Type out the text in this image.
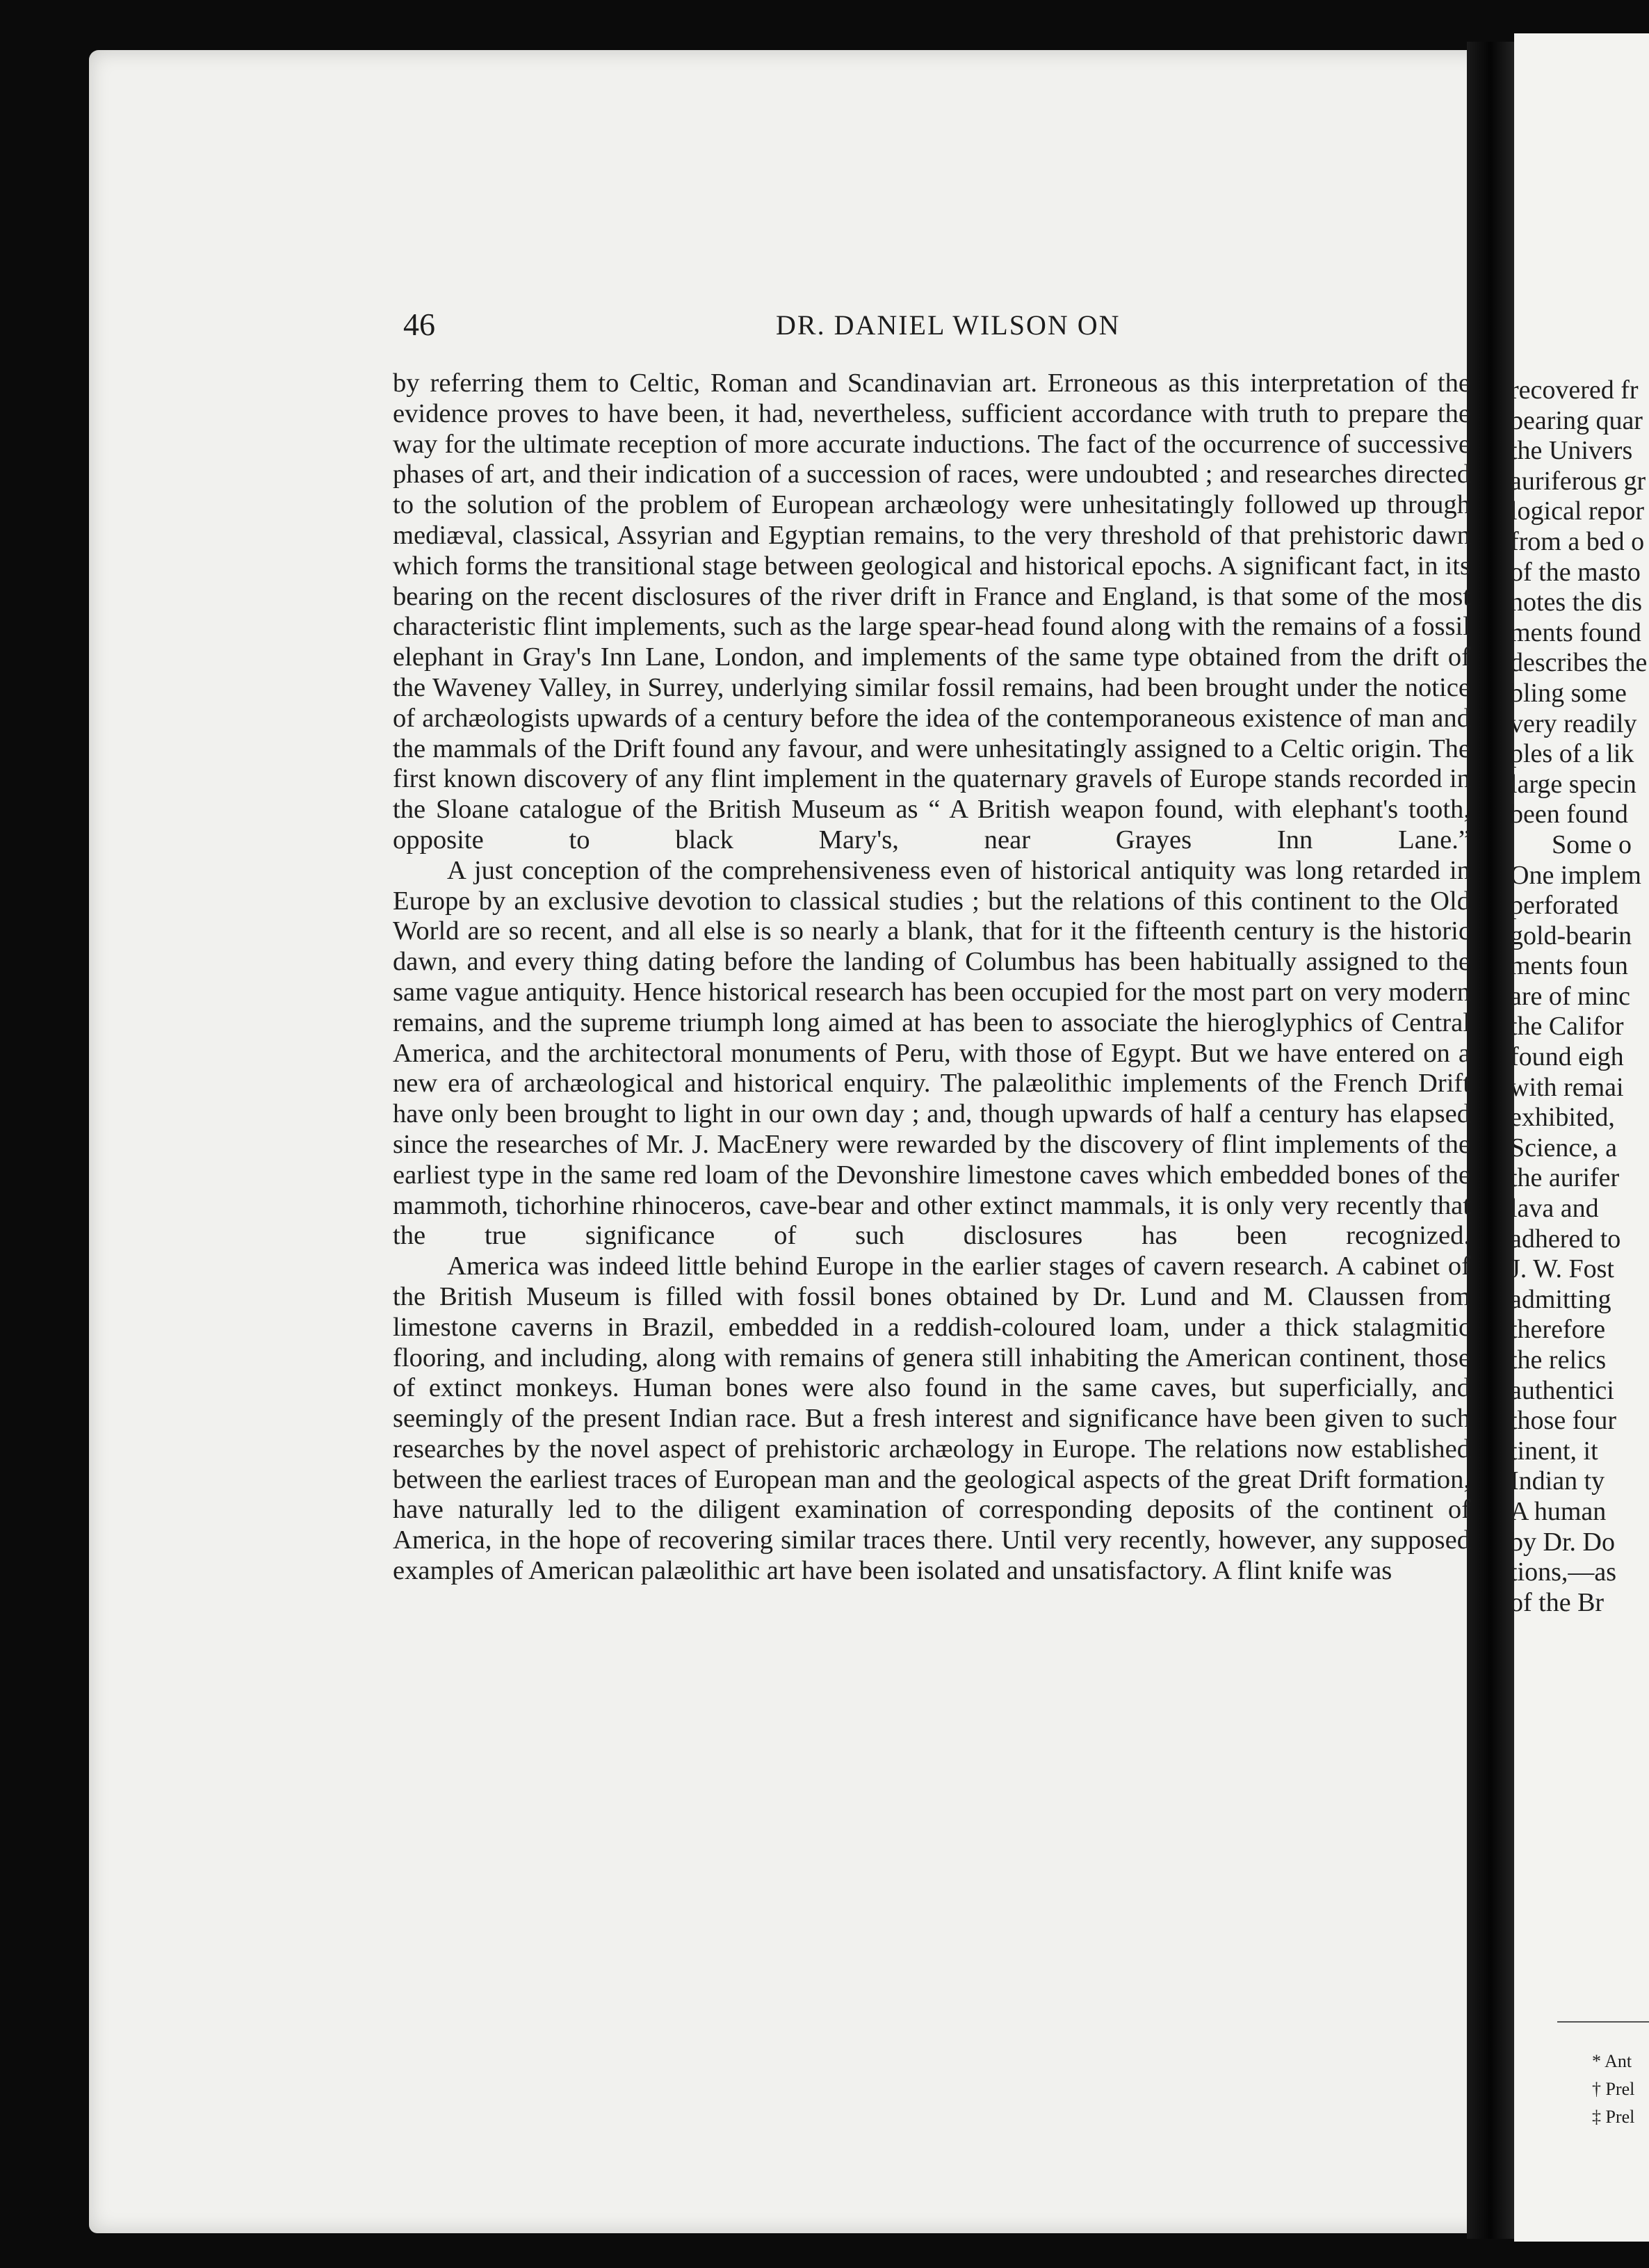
46	DR. DANIEL WILSON ON

by referring them to Celtic, Roman and Scandinavian art. Erroneous as this interpretation of the evidence proves to have been, it had, nevertheless, sufficient accordance with truth to prepare the way for the ultimate reception of more accurate inductions. The fact of the occurrence of successive phases of art, and their indication of a succession of races, were undoubted ; and researches directed to the solution of the problem of European archæology were unhesitatingly followed up through mediæval, classical, Assyrian and Egyptian remains, to the very threshold of that prehistoric dawn which forms the transitional stage between geological and historical epochs. A significant fact, in its bearing on the recent disclosures of the river drift in France and England, is that some of the most characteristic flint implements, such as the large spear-head found along with the remains of a fossil elephant in Gray's Inn Lane, London, and implements of the same type obtained from the drift of the Waveney Valley, in Surrey, underlying similar fossil remains, had been brought under the notice of archæologists upwards of a century before the idea of the contemporaneous existence of man and the mammals of the Drift found any favour, and were unhesitatingly assigned to a Celtic origin. The first known discovery of any flint implement in the quaternary gravels of Europe stands recorded in the Sloane catalogue of the British Museum as “ A British weapon found, with elephant's tooth, opposite to black Mary's, near Grayes Inn Lane.”

A just conception of the comprehensiveness even of historical antiquity was long retarded in Europe by an exclusive devotion to classical studies ; but the relations of this continent to the Old World are so recent, and all else is so nearly a blank, that for it the fifteenth century is the historic dawn, and every thing dating before the landing of Columbus has been habitually assigned to the same vague antiquity. Hence historical research has been occupied for the most part on very modern remains, and the supreme triumph long aimed at has been to associate the hieroglyphics of Central America, and the architectoral monuments of Peru, with those of Egypt. But we have entered on a new era of archæological and historical enquiry. The palæolithic implements of the French Drift have only been brought to light in our own day ; and, though upwards of half a century has elapsed since the researches of Mr. J. MacEnery were rewarded by the discovery of flint implements of the earliest type in the same red loam of the Devonshire limestone caves which embedded bones of the mammoth, tichorhine rhinoceros, cave-bear and other extinct mammals, it is only very recently that the true significance of such disclosures has been recognized.

America was indeed little behind Europe in the earlier stages of cavern research. A cabinet of the British Museum is filled with fossil bones obtained by Dr. Lund and M. Claussen from limestone caverns in Brazil, embedded in a reddish-coloured loam, under a thick stalagmitic flooring, and including, along with remains of genera still inhabiting the American continent, those of extinct monkeys. Human bones were also found in the same caves, but superficially, and seemingly of the present Indian race. But a fresh interest and significance have been given to such researches by the novel aspect of prehistoric archæology in Europe. The relations now established between the earliest traces of European man and the geological aspects of the great Drift formation, have naturally led to the diligent examination of corresponding deposits of the continent of America, in the hope of recovering similar traces there. Until very recently, however, any supposed examples of American palæolithic art have been isolated and unsatisfactory. A flint knife was

recovered fr
bearing quar
the Univers
auriferous gr
logical repor
from a bed o
of the masto
notes the dis
ments found
describes the
bling some
very readily
ples of a lik
large specin
been found
Some o
One implem
perforated
gold-bearin
ments foun
are of minc
the Califor
found eigh
with remai
exhibited,
Science, a
the aurifer
lava and
adhered to
J. W. Fost
admitting
therefore
the relics
authentici
those four
tinent, it
Indian ty
A human
by Dr. Do
tions,—as
of the Br
* Ant
† Prel
‡ Prel
